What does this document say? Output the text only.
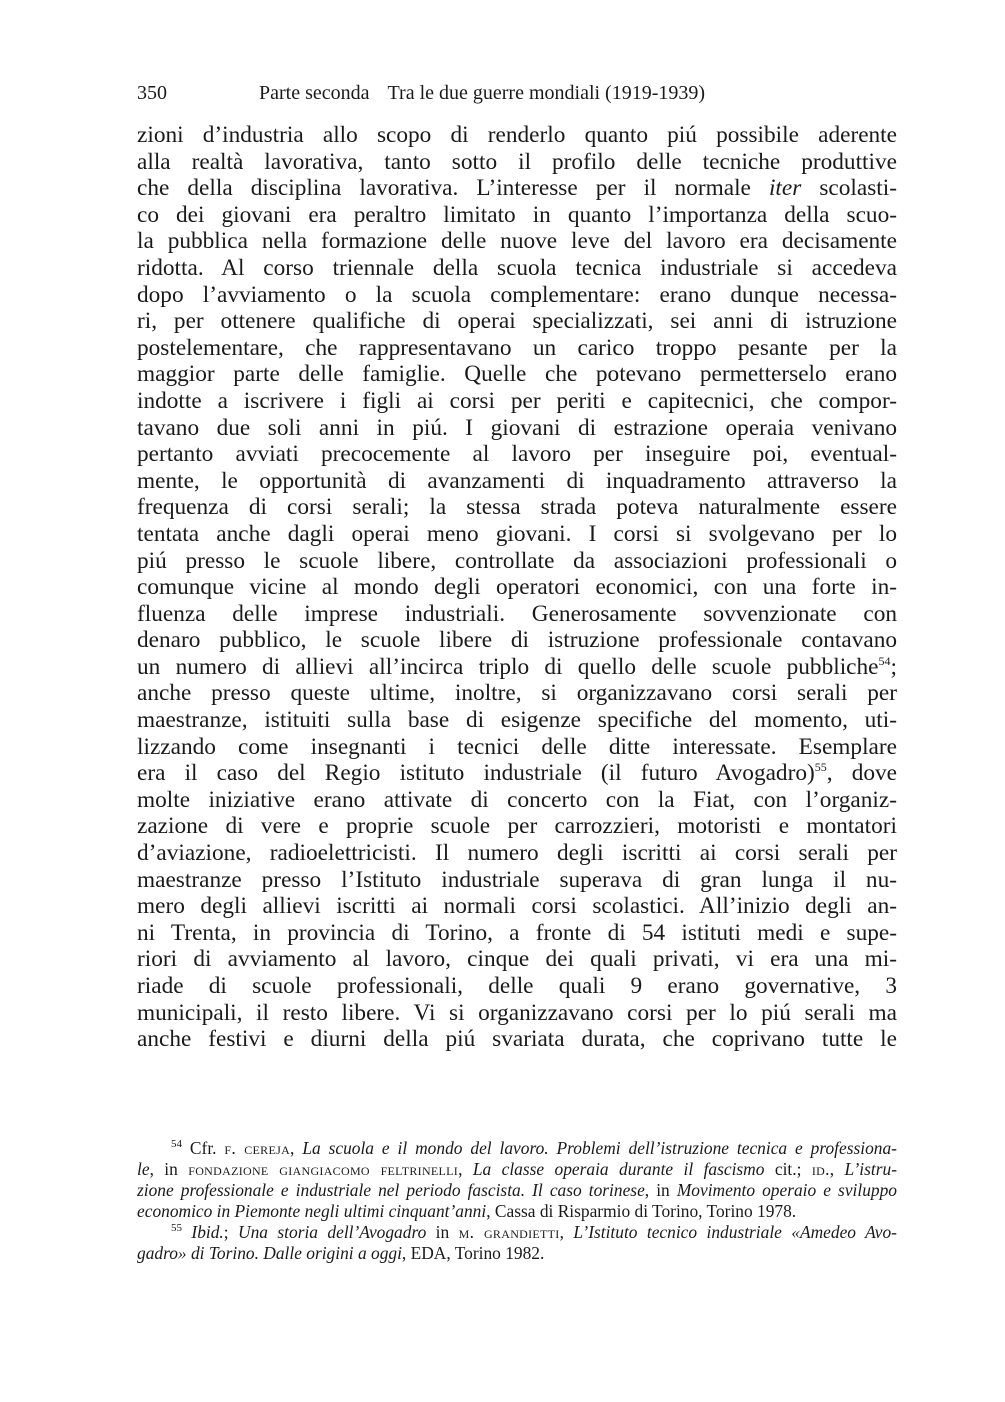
350	Parte seconda Tra le due guerre mondiali (1919-1939)
zioni d’industria allo scopo di renderlo quanto piú possibile aderente
alla realtà lavorativa, tanto sotto il profilo delle tecniche produttive
che della disciplina lavorativa. L’interesse per il normale iter scolasti-
co dei giovani era peraltro limitato in quanto l’importanza della scuo-
la pubblica nella formazione delle nuove leve del lavoro era decisamente
ridotta. Al corso triennale della scuola tecnica industriale si accedeva
dopo l’avviamento o la scuola complementare: erano dunque necessa-
ri, per ottenere qualifiche di operai specializzati, sei anni di istruzione
postelementare, che rappresentavano un carico troppo pesante per la
maggior parte delle famiglie. Quelle che potevano permetterselo erano
indotte a iscrivere i figli ai corsi per periti e capitecnici, che compor-
tavano due soli anni in piú. I giovani di estrazione operaia venivano
pertanto avviati precocemente al lavoro per inseguire poi, eventual-
mente, le opportunità di avanzamenti di inquadramento attraverso la
frequenza di corsi serali; la stessa strada poteva naturalmente essere
tentata anche dagli operai meno giovani. I corsi si svolgevano per lo
piú presso le scuole libere, controllate da associazioni professionali o
comunque vicine al mondo degli operatori economici, con una forte in-
fluenza delle imprese industriali. Generosamente sovvenzionate con
denaro pubblico, le scuole libere di istruzione professionale contavano
un numero di allievi all’incirca triplo di quello delle scuole pubbliche$^{54}$;
anche presso queste ultime, inoltre, si organizzavano corsi serali per
maestranze, istituiti sulla base di esigenze specifiche del momento, uti-
lizzando come insegnanti i tecnici delle ditte interessate. Esemplare
era il caso del Regio istituto industriale (il futuro Avogadro)$^{55}$, dove
molte iniziative erano attivate di concerto con la Fiat, con l’organiz-
zazione di vere e proprie scuole per carrozzieri, motoristi e montatori
d’aviazione, radioelettricisti. Il numero degli iscritti ai corsi serali per
maestranze presso l’Istituto industriale superava di gran lunga il nu-
mero degli allievi iscritti ai normali corsi scolastici. All’inizio degli an-
ni Trenta, in provincia di Torino, a fronte di 54 istituti medi e supe-
riori di avviamento al lavoro, cinque dei quali privati, vi era una mi-
riade di scuole professionali, delle quali 9 erano governative, 3
municipali, il resto libere. Vi si organizzavano corsi per lo piú serali ma
anche festivi e diurni della piú svariata durata, che coprivano tutte le
$^{54}$ Cfr. f. cereja, La scuola e il mondo del lavoro. Problemi dell’istruzione tecnica e professiona-
le, in fondazione giangiacomo feltrinelli, La classe operaia durante il fascismo cit.; id., L’istru-
zione professionale e industriale nel periodo fascista. Il caso torinese, in Movimento operaio e sviluppo
economico in Piemonte negli ultimi cinquant’anni, Cassa di Risparmio di Torino, Torino 1978.
$^{55}$ Ibid.; Una storia dell’Avogadro in m. grandietti, L’Istituto tecnico industriale «Amedeo Avo-
gadro» di Torino. Dalle origini a oggi, EDA, Torino 1982.
